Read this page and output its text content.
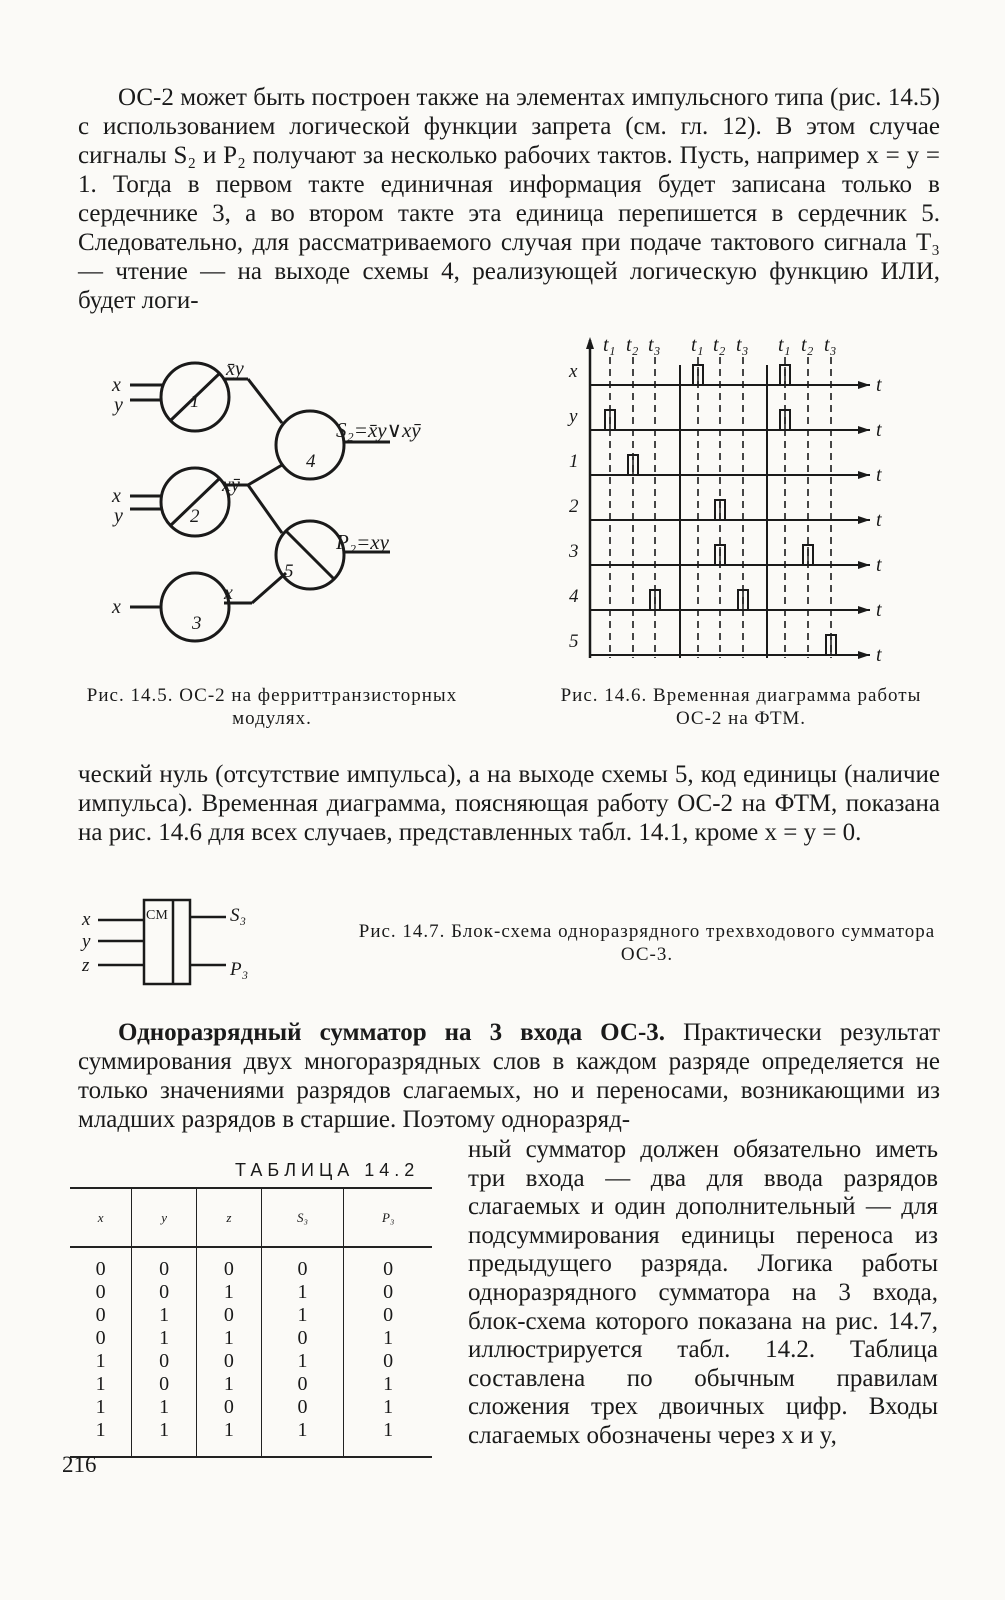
ОС-2 может быть построен также на элементах импульсного типа (рис. 14.5) с использованием логической функции запрета (см. гл. 12). В этом случае сигналы S₂ и P₂ получают за несколько рабочих тактов. Пусть, например x = y = 1. Тогда в первом такте единичная информация будет записана только в сердечнике 3, а во втором такте эта единица перепишется в сердечник 5. Следовательно, для рассматриваемого случая при подаче тактового сигнала T₃ — чтение — на выходе схемы 4, реализующей логическую функцию ИЛИ, будет логи-

x
y
x
y
x
1
2
3
4
5
x̄y
xȳ
x
S₂=x̄y∨xȳ
P₂=xy
x
t
y
t
1
t
2
t
3
t
4
t
5
t
t₁ t₂ t₃ t₁ t₂ t₃ t₁ t₂ t₃
Рис. 14.5. ОС-2 на ферриттранзисторных модулях.
Рис. 14.6. Временная диаграмма работы ОС-2 на ФТМ.

ческий нуль (отсутствие импульса), а на выходе схемы 5, код единицы (наличие импульса). Временная диаграмма, поясняющая работу ОС-2 на ФТМ, показана на рис. 14.6 для всех случаев, представленных табл. 14.1, кроме x = y = 0.

СМ
x
y
z
S₃
P₃
Рис. 14.7. Блок-схема одноразрядного трехвходового сумматора ОС-3.

Одноразрядный сумматор на 3 входа ОС-3. Практически результат суммирования двух многоразрядных слов в каждом разряде определяется не только значениями разрядов слагаемых, но и переносами, возникающими из младших разрядов в старшие. Поэтому одноразряд-

ТАБЛИЦА 14.2
x	y	z	S₃	P₃
0	0	0	0	0
0	0	1	1	0
0	1	0	1	0
0	1	1	0	1
1	0	0	1	0
1	0	1	0	1
1	1	0	0	1
1	1	1	1	1
ный сумматор должен обязательно иметь три входа — два для ввода разрядов слагаемых и один дополнительный — для подсуммирования единицы переноса из предыдущего разряда. Логика работы одноразрядного сумматора на 3 входа, блок-схема которого показана на рис. 14.7, иллюстрируется табл. 14.2. Таблица составлена по обычным правилам сложения трех двоичных цифр. Входы слагаемых обозначены через x и y,
216
